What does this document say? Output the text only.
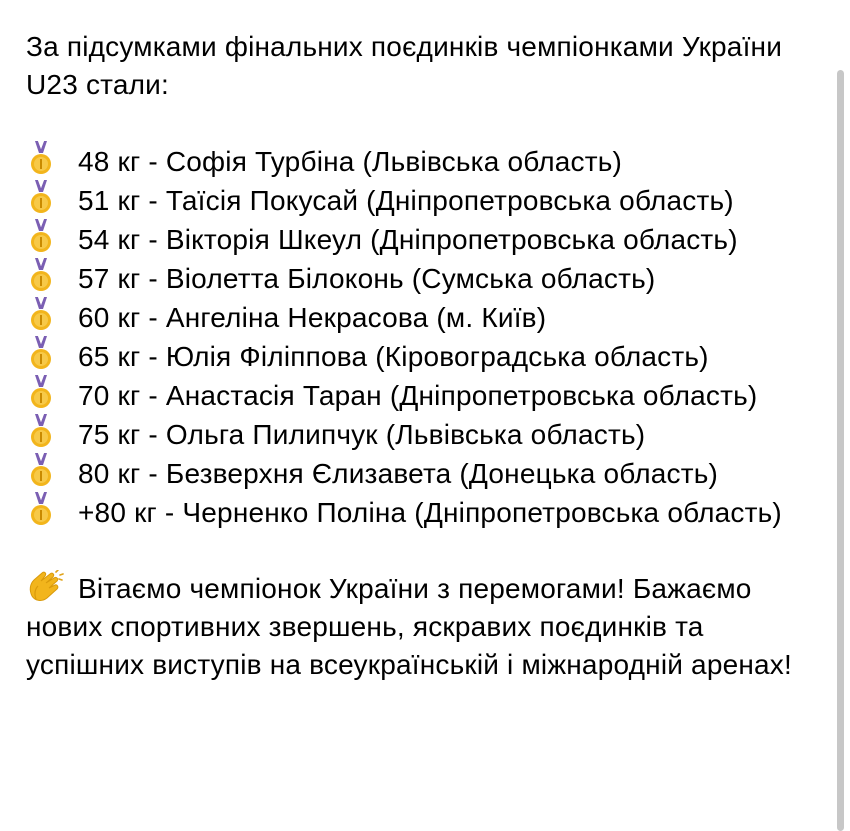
За підсумками фінальних поєдинків чемпіонками України U23 стали:

48 кг - Софія Турбіна (Львівська область)
51 кг - Таїсія Покусай (Дніпропетровська область)
54 кг - Вікторія Шкеул (Дніпропетровська область)
57 кг - Віолетта Білоконь (Сумська область)
60 кг - Ангеліна Некрасова (м. Київ)
65 кг - Юлія Філіппова (Кіровоградська область)
70 кг - Анастасія Таран (Дніпропетровська область)
75 кг - Ольга Пилипчук (Львівська область)
80 кг - Безверхня Єлизавета (Донецька область)
+80 кг - Черненко Поліна (Дніпропетровська область)

Вітаємо чемпіонок України з перемогами! Бажаємо нових спортивних звершень, яскравих поєдинків та успішних виступів на всеукраїнській і міжнародній аренах!
